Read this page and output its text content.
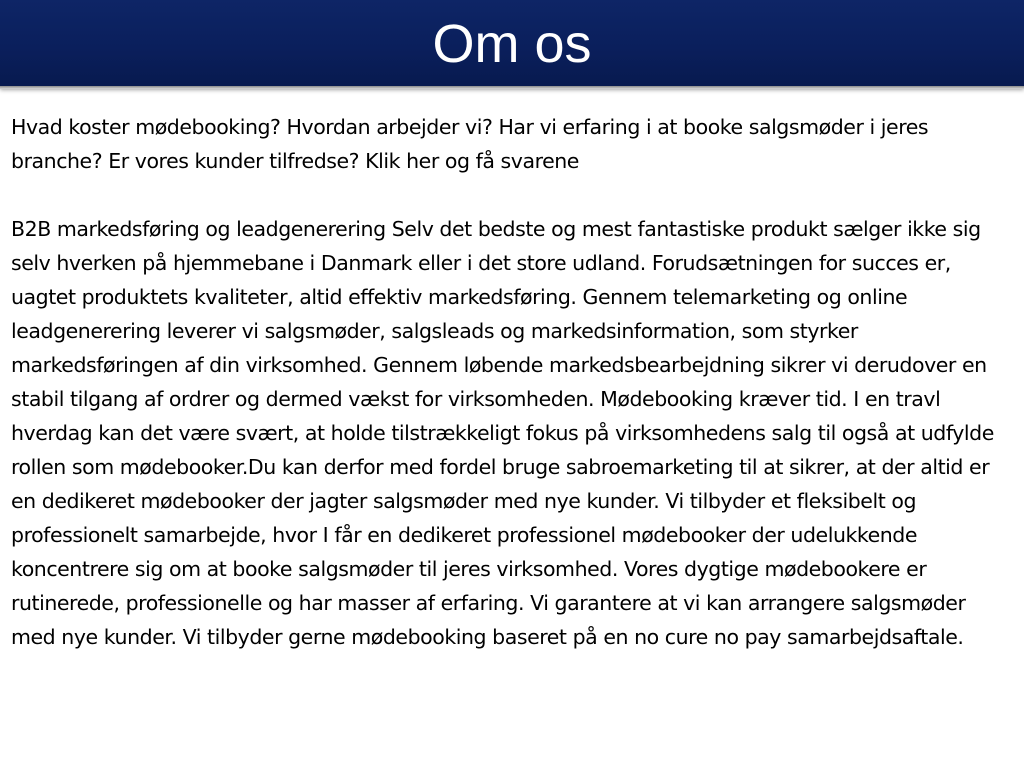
Om os

Hvad koster mødebooking? Hvordan arbejder vi? Har vi erfaring i at booke salgsmøder i jeres branche? Er vores kunder tilfredse? Klik her og få svarene

B2B markedsføring og leadgenerering Selv det bedste og mest fantastiske produkt sælger ikke sig selv hverken på hjemmebane i Danmark eller i det store udland. Forudsætningen for succes er, uagtet produktets kvaliteter, altid effektiv markedsføring. Gennem telemarketing og online leadgenerering leverer vi salgsmøder, salgsleads og markedsinformation, som styrker markedsføringen af din virksomhed. Gennem løbende markedsbearbejdning sikrer vi derudover en stabil tilgang af ordrer og dermed vækst for virksomheden. Mødebooking kræver tid. I en travl hverdag kan det være svært, at holde tilstrækkeligt fokus på virksomhedens salg til også at udfylde rollen som mødebooker.Du kan derfor med fordel bruge sabroemarketing til at sikrer, at der altid er en dedikeret mødebooker der jagter salgsmøder med nye kunder. Vi tilbyder et fleksibelt og professionelt samarbejde, hvor I får en dedikeret professionel mødebooker der udelukkende koncentrere sig om at booke salgsmøder til jeres virksomhed. Vores dygtige mødebookere er rutinerede, professionelle og har masser af erfaring. Vi garantere at vi kan arrangere salgsmøder med nye kunder. Vi tilbyder gerne mødebooking baseret på en no cure no pay samarbejdsaftale.
